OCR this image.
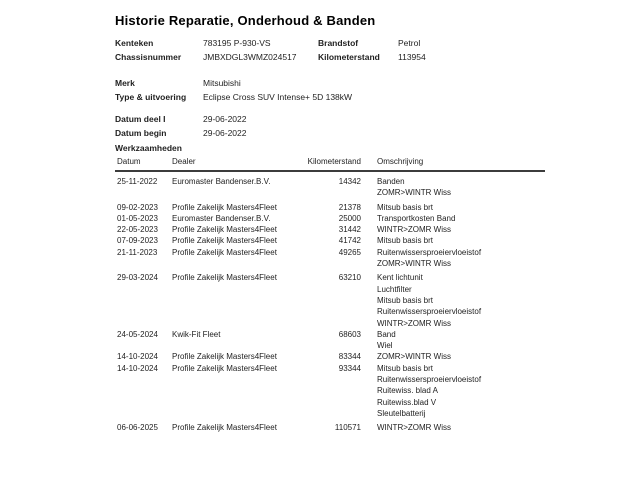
Historie Reparatie, Onderhoud & Banden
Kenteken	783195 P-930-VS	Brandstof	Petrol
Chassisnummer	JMBXDGL3WMZ024517	Kilometerstand	113954
Merk	Mitsubishi
Type & uitvoering	Eclipse Cross SUV Intense+ 5D 138kW
Datum deel I	29-06-2022
Datum begin	29-06-2022
Werkzaamheden
Datum	Dealer	Kilometerstand Omschrijving
25-11-2022	Euromaster Bandenser.B.V.	14342 Banden
ZOMR>WINTR Wiss
09-02-2023	Profile Zakelijk Masters4Fleet	21378 Mitsub basis brt
01-05-2023	Euromaster Bandenser.B.V.	25000 Transportkosten Band
22-05-2023	Profile Zakelijk Masters4Fleet	31442 WINTR>ZOMR Wiss
07-09-2023	Profile Zakelijk Masters4Fleet	41742 Mitsub basis brt
21-11-2023	Profile Zakelijk Masters4Fleet	49265 Ruitenwissersproeiervloeistof
ZOMR>WINTR Wiss
29-03-2024	Profile Zakelijk Masters4Fleet	63210 Kent lichtunit
Luchtfilter
Mitsub basis brt
Ruitenwissersproeiervloeistof
WINTR>ZOMR Wiss
24-05-2024	Kwik-Fit Fleet	68603 Band
Wiel
14-10-2024	Profile Zakelijk Masters4Fleet	83344 ZOMR>WINTR Wiss
14-10-2024	Profile Zakelijk Masters4Fleet	93344 Mitsub basis brt
Ruitenwissersproeiervloeistof
Ruitewiss. blad A
Ruitewiss.blad V
Sleutelbatterij
06-06-2025	Profile Zakelijk Masters4Fleet	110571 WINTR>ZOMR Wiss
